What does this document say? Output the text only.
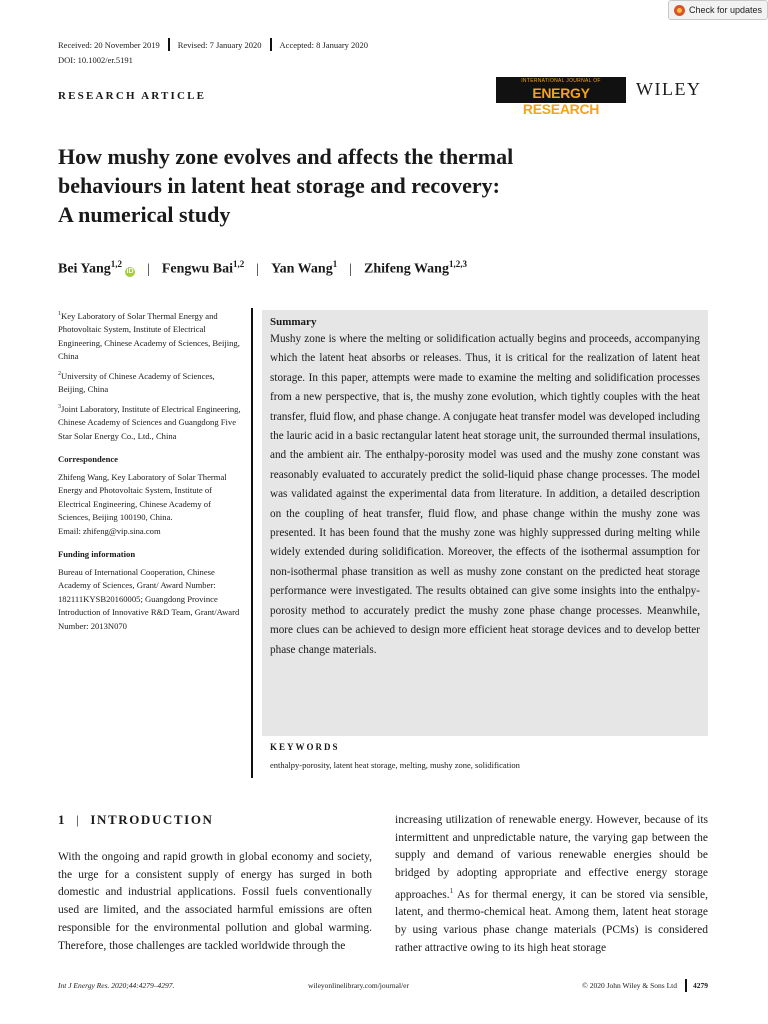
Check for updates
Received: 20 November 2019 Revised: 7 January 2020 Accepted: 8 January 2020
DOI: 10.1002/er.5191
RESEARCH ARTICLE
INTERNATIONAL JOURNAL OF
ENERGY RESEARCH
WILEY
How mushy zone evolves and affects the thermal
behaviours in latent heat storage and recovery:
A numerical study
Bei Yang$^{1,2}$
iD | Fengwu Bai$^{1,2}$ | Yan Wang$^1$ | Zhifeng Wang$^{1,2,3}$

$^1$Key Laboratory of Solar Thermal Energy and Photovoltaic System, Institute of Electrical Engineering, Chinese Academy of Sciences, Beijing, China

$^2$University of Chinese Academy of Sciences, Beijing, China

$^3$Joint Laboratory, Institute of Electrical Engineering, Chinese Academy of Sciences and Guangdong Five Star Solar Energy Co., Ltd., China

Correspondence

Zhifeng Wang, Key Laboratory of Solar Thermal Energy and Photovoltaic System, Institute of Electrical Engineering, Chinese Academy of Sciences, Beijing 100190, China.

Email: zhifeng@vip.sina.com

Funding information

Bureau of International Cooperation, Chinese Academy of Sciences, Grant/ Award Number: 182111KYSB20160005; Guangdong Province Introduction of Innovative R&D Team, Grant/Award Number: 2013N070

Summary
Mushy zone is where the melting or solidification actually begins and proceeds, accompanying which the latent heat absorbs or releases. Thus, it is critical for the realization of latent heat storage. In this paper, attempts were made to examine the melting and solidification processes from a new perspective, that is, the mushy zone evolution, which tightly couples with the heat transfer, fluid flow, and phase change. A conjugate heat transfer model was developed including the lauric acid in a basic rectangular latent heat storage unit, the surrounded thermal insulations, and the ambient air. The enthalpy-porosity model was used and the mushy zone constant was reasonably evaluated to accurately predict the solid-liquid phase change processes. The model was validated against the experimental data from literature. In addition, a detailed description on the coupling of heat transfer, fluid flow, and phase change within the mushy zone was presented. It has been found that the mushy zone was highly suppressed during melting while widely extended during solidification. Moreover, the effects of the isothermal assumption for non-isothermal phase transition as well as mushy zone constant on the predicted heat storage performance were investigated. The results obtained can give some insights into the enthalpy-porosity method to accurately predict the mushy zone phase change processes. Meanwhile, more clues can be achieved to design more efficient heat storage devices and to develop better phase change materials.
KEYWORDS
enthalpy-porosity, latent heat storage, melting, mushy zone, solidification
1 | INTRODUCTION
With the ongoing and rapid growth in global economy and society, the urge for a consistent supply of energy has surged in both domestic and industrial applications. Fossil fuels conventionally used are limited, and the associated harmful emissions are often responsible for the environmental pollution and global warming. Therefore, those challenges are tackled worldwide through the
increasing utilization of renewable energy. However, because of its intermittent and unpredictable nature, the varying gap between the supply and demand of various renewable energies should be bridged by adopting appropriate and effective energy storage approaches.$^1$ As for thermal energy, it can be stored via sensible, latent, and thermo-chemical heat. Among them, latent heat storage by using various phase change materials (PCMs) is considered rather attractive owing to its high heat storage
Int J Energy Res. 2020;44:4279–4297.	wileyonlinelibrary.com/journal/er	© 2020 John Wiley & Sons Ltd 4279
